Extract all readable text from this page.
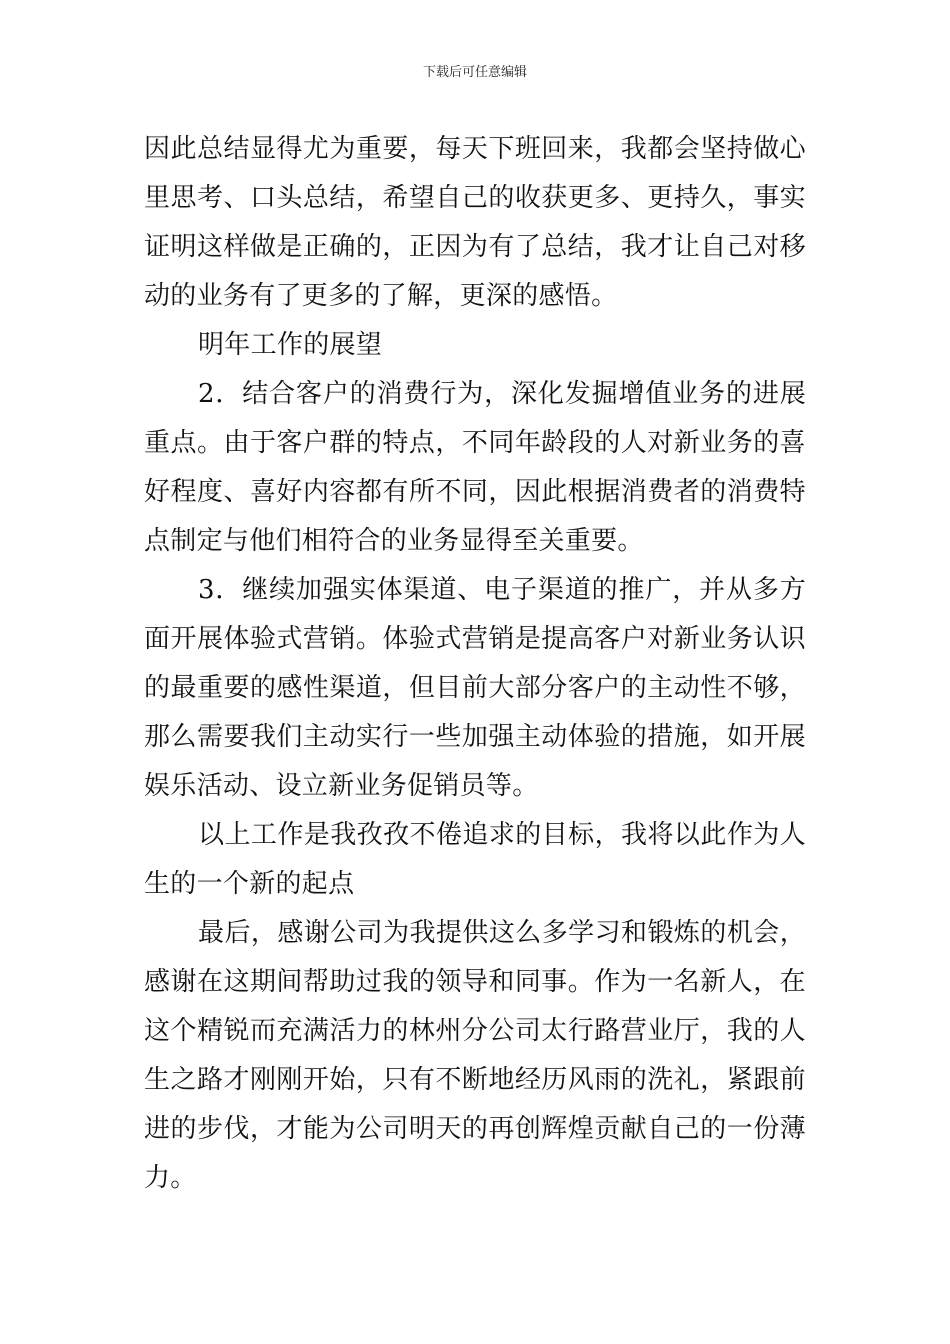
下载后可任意编辑

因此总结显得尤为重要，每天下班回来，我都会坚持做心里思考、口头总结，希望自己的收获更多、更持久，事实证明这样做是正确的，正因为有了总结，我才让自己对移动的业务有了更多的了解，更深的感悟。

明年工作的展望

2．结合客户的消费行为，深化发掘增值业务的进展重点。由于客户群的特点，不同年龄段的人对新业务的喜好程度、喜好内容都有所不同，因此根据消费者的消费特点制定与他们相符合的业务显得至关重要。

3．继续加强实体渠道、电子渠道的推广，并从多方面开展体验式营销。体验式营销是提高客户对新业务认识的最重要的感性渠道，但目前大部分客户的主动性不够，那么需要我们主动实行一些加强主动体验的措施，如开展娱乐活动、设立新业务促销员等。

以上工作是我孜孜不倦追求的目标，我将以此作为人生的一个新的起点

最后，感谢公司为我提供这么多学习和锻炼的机会，感谢在这期间帮助过我的领导和同事。作为一名新人，在这个精锐而充满活力的林州分公司太行路营业厅，我的人生之路才刚刚开始，只有不断地经历风雨的洗礼，紧跟前进的步伐，才能为公司明天的再创辉煌贡献自己的一份薄力。
